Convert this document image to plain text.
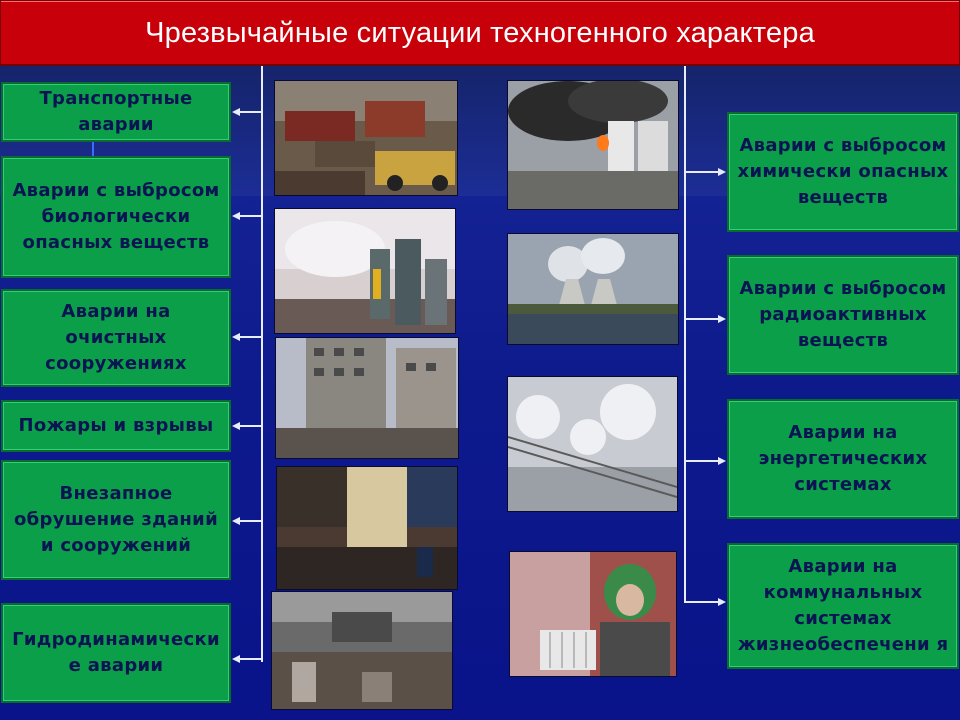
Чрезвычайные ситуации техногенного характера
Транспортные аварии
Аварии с выбросом биологически опасных веществ
Аварии на очистных сооружениях
Пожары и взрывы
Внезапное обрушение зданий и сооружений
Гидродинамически е аварии
Аварии с выбросом химически опасных веществ
Аварии с выбросом радиоактивных веществ
Аварии на энергетических системах
Аварии на коммунальных системах жизнеобеспечени я
